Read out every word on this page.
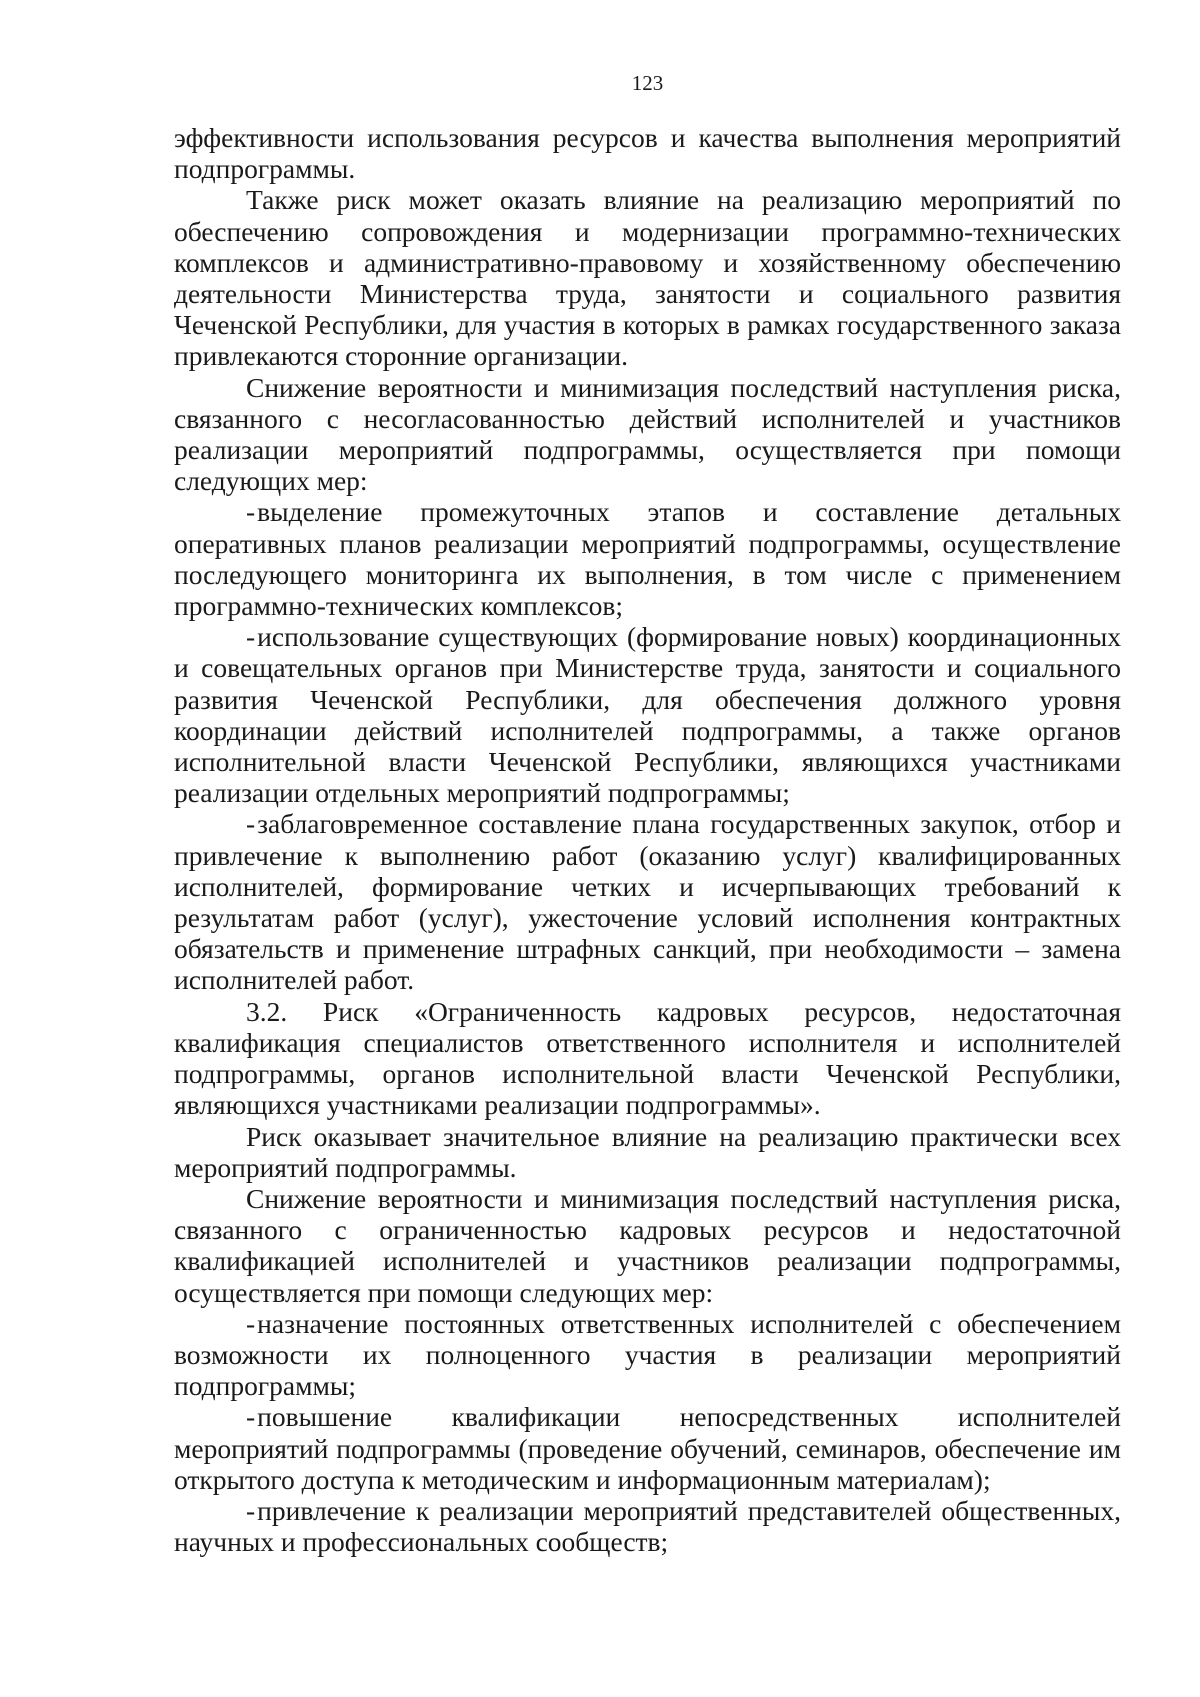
123

эффективности использования ресурсов и качества выполнения мероприятий подпрограммы.

Также риск может оказать влияние на реализацию мероприятий по обеспечению сопровождения и модернизации программно-технических комплексов и административно-правовому и хозяйственному обеспечению деятельности Министерства труда, занятости и социального развития Чеченской Республики, для участия в которых в рамках государственного заказа привлекаются сторонние организации.

Снижение вероятности и минимизация последствий наступления риска, связанного с несогласованностью действий исполнителей и участников реализации мероприятий подпрограммы, осуществляется при помощи следующих мер:

-выделение промежуточных этапов и составление детальных оперативных планов реализации мероприятий подпрограммы, осуществление последующего мониторинга их выполнения, в том числе с применением программно-технических комплексов;

-использование существующих (формирование новых) координационных и совещательных органов при Министерстве труда, занятости и социального развития Чеченской Республики, для обеспечения должного уровня координации действий исполнителей подпрограммы, а также органов исполнительной власти Чеченской Республики, являющихся участниками реализации отдельных мероприятий подпрограммы;

-заблаговременное составление плана государственных закупок, отбор и привлечение к выполнению работ (оказанию услуг) квалифицированных исполнителей, формирование четких и исчерпывающих требований к результатам работ (услуг), ужесточение условий исполнения контрактных обязательств и применение штрафных санкций, при необходимости – замена исполнителей работ.

3.2. Риск «Ограниченность кадровых ресурсов, недостаточная квалификация специалистов ответственного исполнителя и исполнителей подпрограммы, органов исполнительной власти Чеченской Республики, являющихся участниками реализации подпрограммы».

Риск оказывает значительное влияние на реализацию практически всех мероприятий подпрограммы.

Снижение вероятности и минимизация последствий наступления риска, связанного с ограниченностью кадровых ресурсов и недостаточной квалификацией исполнителей и участников реализации подпрограммы, осуществляется при помощи следующих мер:

-назначение постоянных ответственных исполнителей с обеспечением возможности их полноценного участия в реализации мероприятий подпрограммы;

-повышение квалификации непосредственных исполнителей мероприятий подпрограммы (проведение обучений, семинаров, обеспечение им открытого доступа к методическим и информационным материалам);

-привлечение к реализации мероприятий представителей общественных, научных и профессиональных сообществ;
